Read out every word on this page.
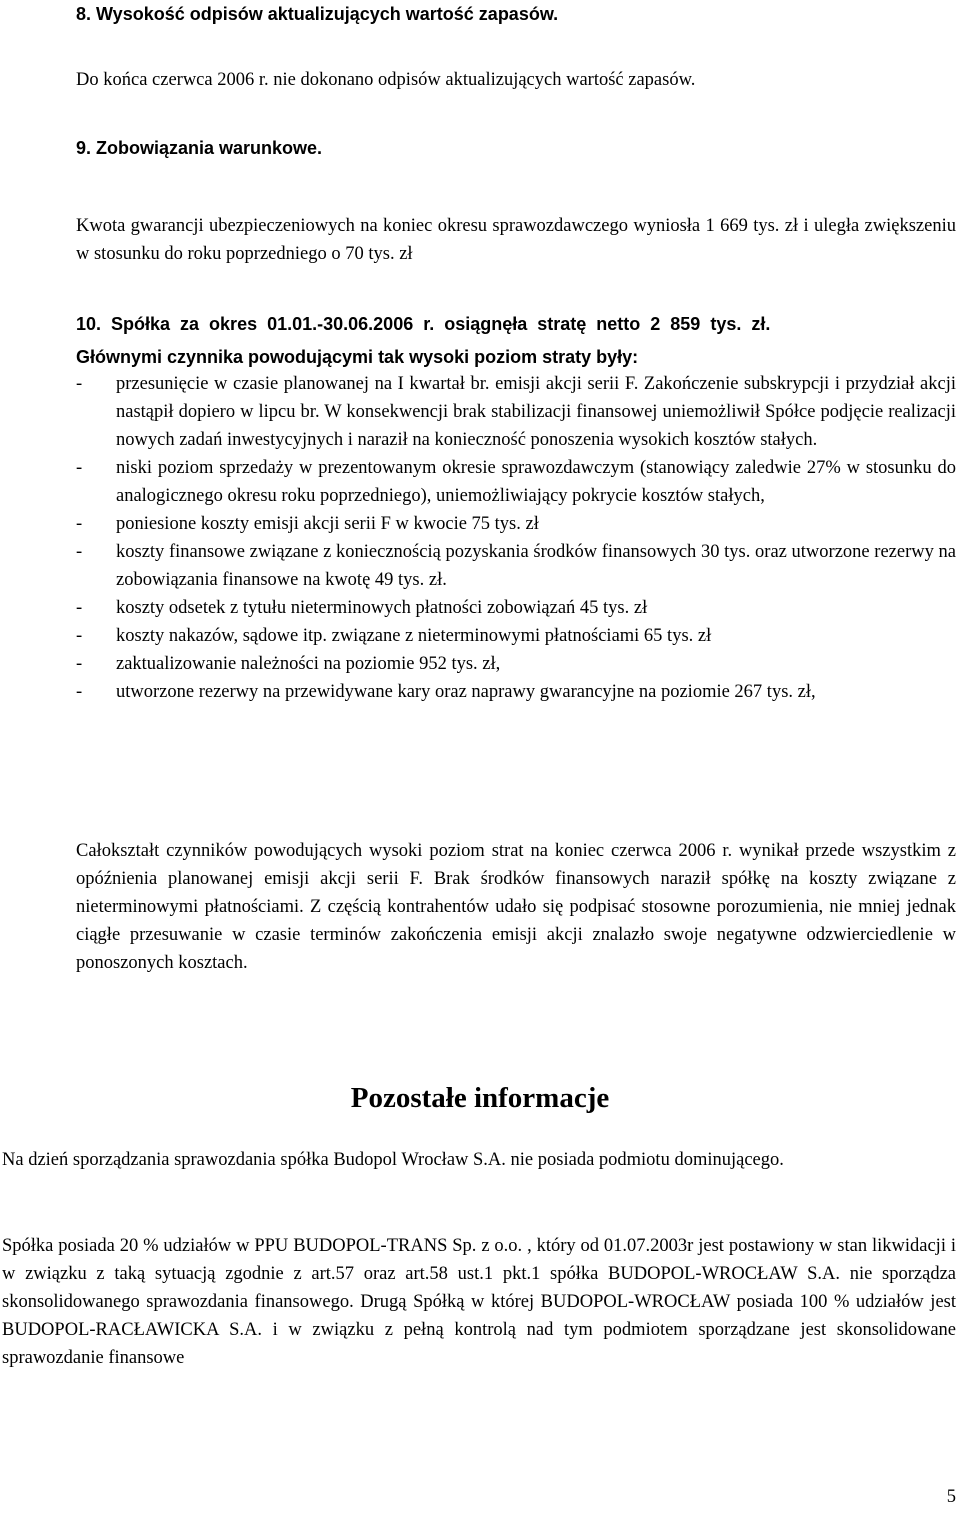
8. Wysokość odpisów aktualizujących wartość zapasów.
Do końca czerwca 2006 r. nie dokonano odpisów aktualizujących wartość zapasów.
9. Zobowiązania warunkowe.
Kwota gwarancji ubezpieczeniowych na koniec okresu sprawozdawczego wyniosła 1 669 tys. zł i uległa zwiększeniu w stosunku do roku poprzedniego o 70 tys. zł
10. Spółka za okres 01.01.-30.06.2006 r. osiągnęła stratę netto 2 859 tys. zł.
Głównymi czynnika powodującymi tak wysoki poziom straty były:
- przesunięcie w czasie planowanej na I kwartał br. emisji akcji serii F. Zakończenie subskrypcji i przydział akcji nastąpił dopiero w lipcu br. W konsekwencji brak stabilizacji finansowej uniemożliwił Spółce podjęcie realizacji nowych zadań inwestycyjnych i naraził na konieczność ponoszenia wysokich kosztów stałych.
- niski poziom sprzedaży w prezentowanym okresie sprawozdawczym (stanowiący zaledwie 27% w stosunku do analogicznego okresu roku poprzedniego), uniemożliwiający pokrycie kosztów stałych,
- poniesione koszty emisji akcji serii F w kwocie 75 tys. zł
- koszty finansowe związane z koniecznością pozyskania środków finansowych 30 tys. oraz utworzone rezerwy na zobowiązania finansowe na kwotę 49 tys. zł.
- koszty odsetek z tytułu nieterminowych płatności zobowiązań 45 tys. zł
- koszty nakazów, sądowe itp. związane z nieterminowymi płatnościami 65 tys. zł
- zaktualizowanie należności na poziomie 952 tys. zł,
- utworzone rezerwy na przewidywane kary oraz naprawy gwarancyjne na poziomie 267 tys. zł,
Całokształt czynników powodujących wysoki poziom strat na koniec czerwca 2006 r. wynikał przede wszystkim z opóźnienia planowanej emisji akcji serii F. Brak środków finansowych naraził spółkę na koszty związane z nieterminowymi płatnościami. Z częścią kontrahentów udało się podpisać stosowne porozumienia, nie mniej jednak ciągłe przesuwanie w czasie terminów zakończenia emisji akcji znalazło swoje negatywne odzwierciedlenie w ponoszonych kosztach.
Pozostałe informacje
Na dzień sporządzania sprawozdania spółka Budopol Wrocław S.A. nie posiada podmiotu dominującego.
Spółka posiada 20 % udziałów w PPU BUDOPOL-TRANS Sp. z o.o. , który od 01.07.2003r jest postawiony w stan likwidacji i w związku z taką sytuacją zgodnie z art.57 oraz art.58 ust.1 pkt.1 spółka BUDOPOL-WROCŁAW S.A. nie sporządza skonsolidowanego sprawozdania finansowego. Drugą Spółką w której BUDOPOL-WROCŁAW posiada 100 % udziałów jest BUDOPOL-RACŁAWICKA S.A. i w związku z pełną kontrolą nad tym podmiotem sporządzane jest skonsolidowane sprawozdanie finansowe
5
